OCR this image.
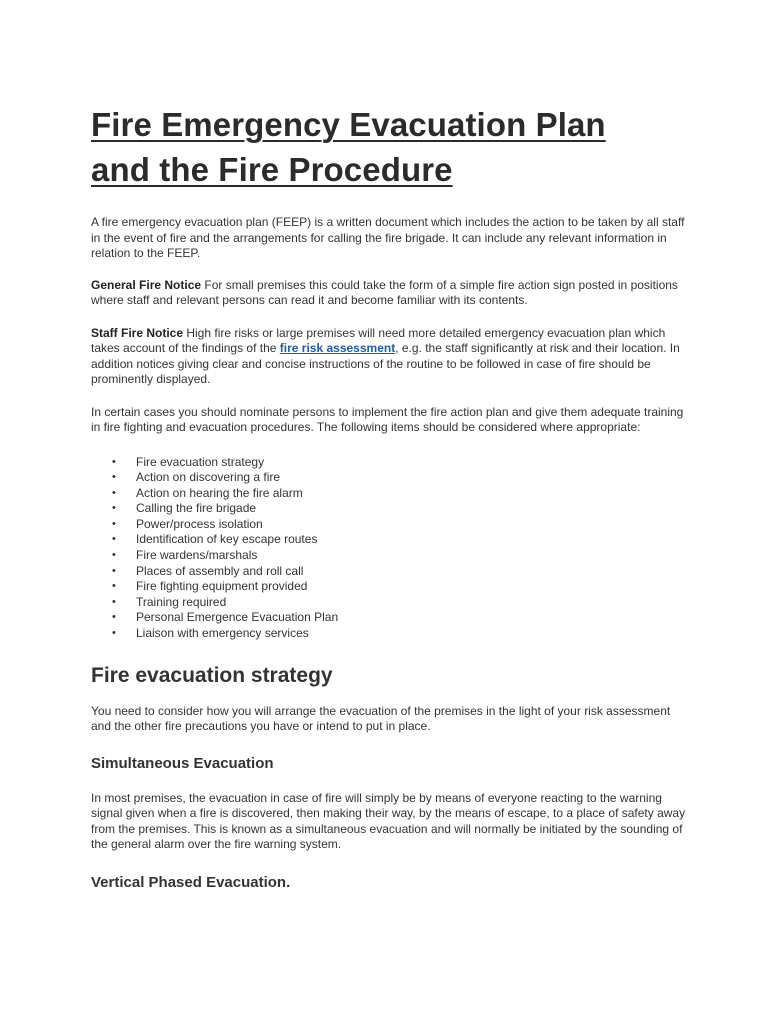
Fire Emergency Evacuation Plan
and the Fire Procedure

A fire emergency evacuation plan (FEEP) is a written document which includes the action to be taken by all staff in the event of fire and the arrangements for calling the fire brigade. It can include any relevant information in relation to the FEEP.

General Fire Notice For small premises this could take the form of a simple fire action sign posted in positions where staff and relevant persons can read it and become familiar with its contents.

Staff Fire Notice High fire risks or large premises will need more detailed emergency evacuation plan which takes account of the findings of the fire risk assessment, e.g. the staff significantly at risk and their location. In addition notices giving clear and concise instructions of the routine to be followed in case of fire should be prominently displayed.

In certain cases you should nominate persons to implement the fire action plan and give them adequate training in fire fighting and evacuation procedures. The following items should be considered where appropriate:

• Fire evacuation strategy
• Action on discovering a fire
• Action on hearing the fire alarm
• Calling the fire brigade
• Power/process isolation
• Identification of key escape routes
• Fire wardens/marshals
• Places of assembly and roll call
• Fire fighting equipment provided
• Training required
• Personal Emergence Evacuation Plan
• Liaison with emergency services
Fire evacuation strategy

You need to consider how you will arrange the evacuation of the premises in the light of your risk assessment and the other fire precautions you have or intend to put in place.

Simultaneous Evacuation

In most premises, the evacuation in case of fire will simply be by means of everyone reacting to the warning signal given when a fire is discovered, then making their way, by the means of escape, to a place of safety away from the premises. This is known as a simultaneous evacuation and will normally be initiated by the sounding of the general alarm over the fire warning system.

Vertical Phased Evacuation.
